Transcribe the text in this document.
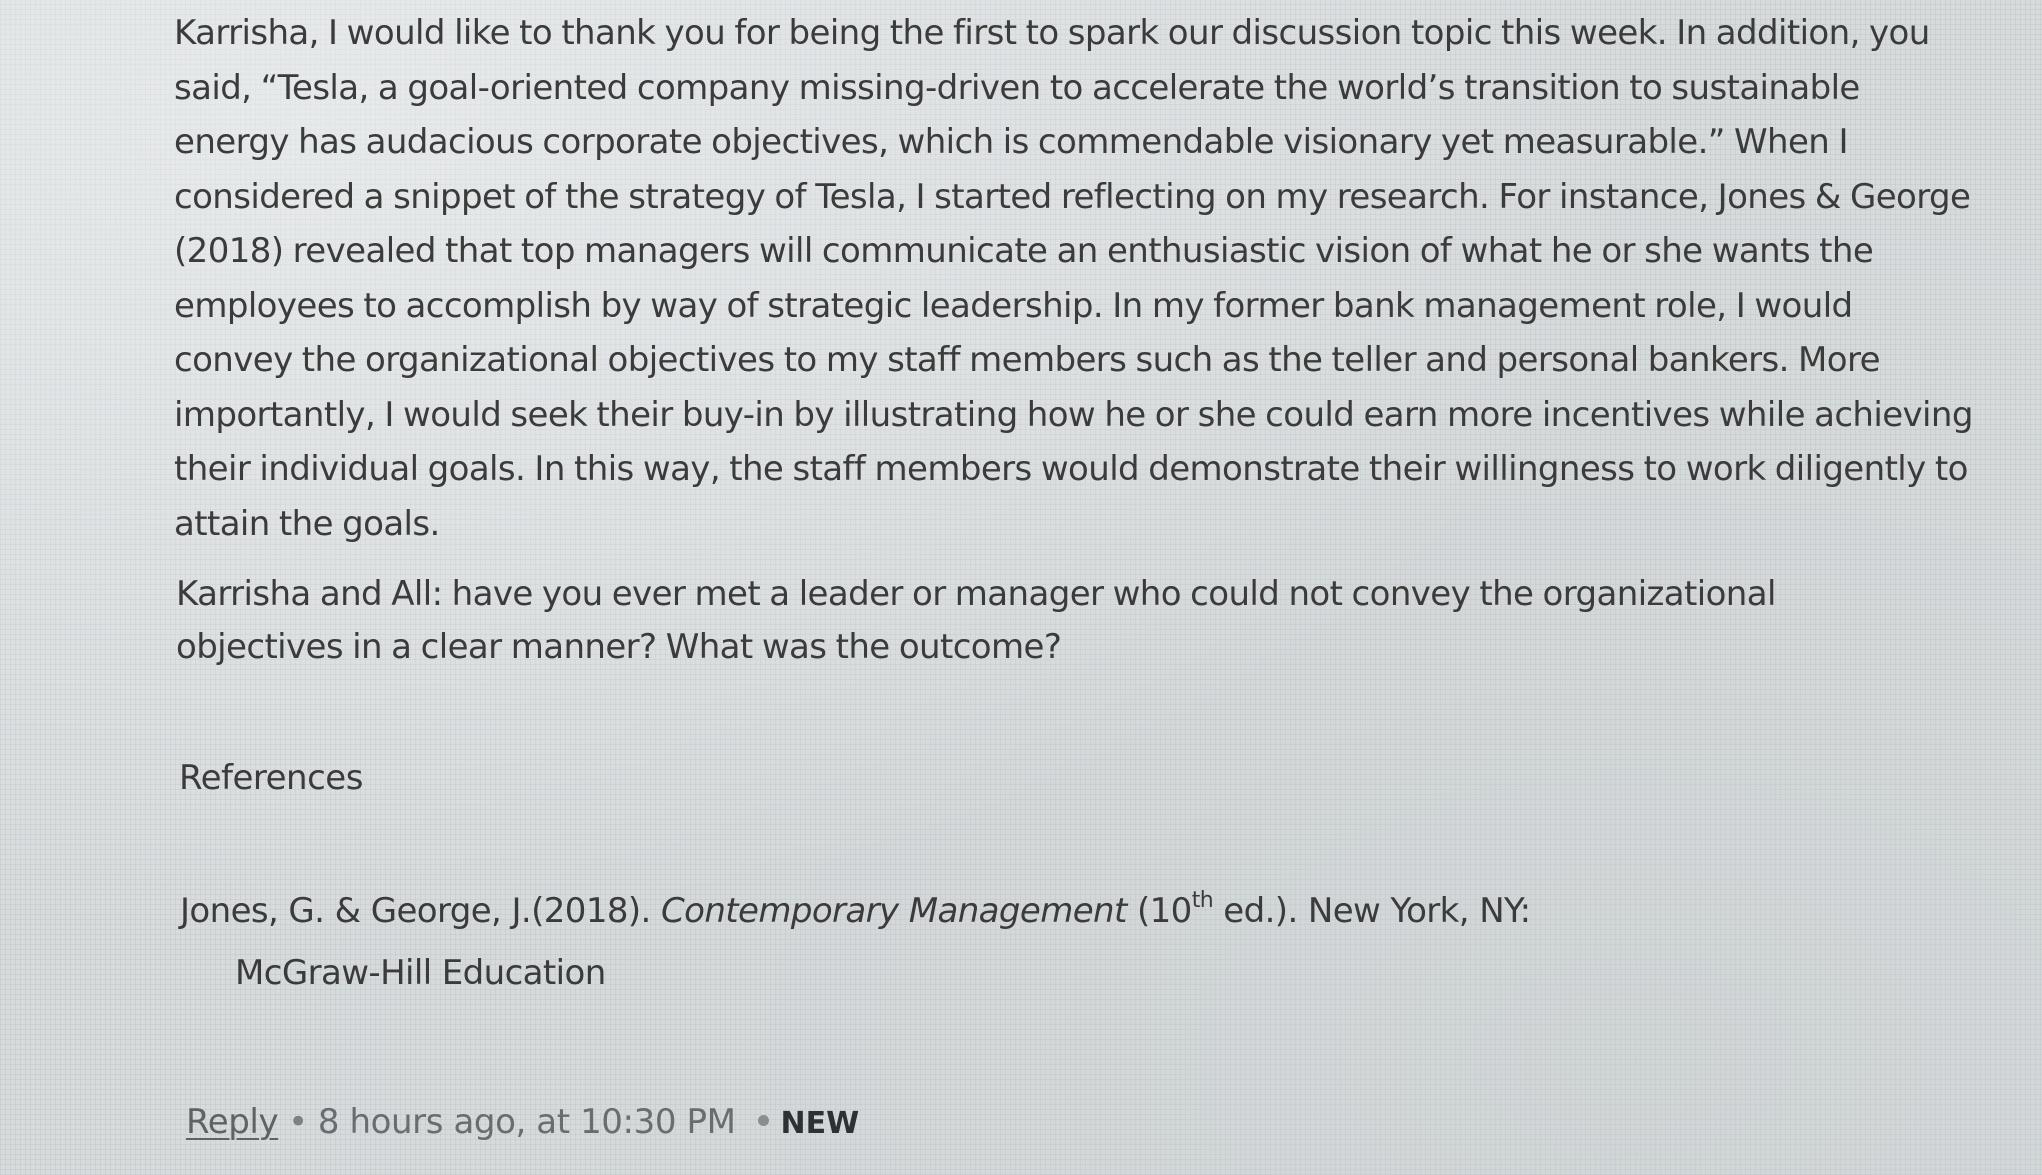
Karrisha, I would like to thank you for being the first to spark our discussion topic this week. In addition, you said, “Tesla, a goal-oriented company missing-driven to accelerate the world’s transition to sustainable energy has audacious corporate objectives, which is commendable visionary yet measurable.” When I considered a snippet of the strategy of Tesla, I started reflecting on my research. For instance, Jones & George (2018) revealed that top managers will communicate an enthusiastic vision of what he or she wants the employees to accomplish by way of strategic leadership. In my former bank management role, I would convey the organizational objectives to my staff members such as the teller and personal bankers. More importantly, I would seek their buy-in by illustrating how he or she could earn more incentives while achieving their individual goals. In this way, the staff members would demonstrate their willingness to work diligently to attain the goals.

Karrisha and All: have you ever met a leader or manager who could not convey the organizational objectives in a clear manner? What was the outcome?

References

Jones, G. & George, J.(2018). Contemporary Management (10th ed.). New York, NY:
McGraw-Hill Education

Reply • 8 hours ago, at 10:30 PM NEW
